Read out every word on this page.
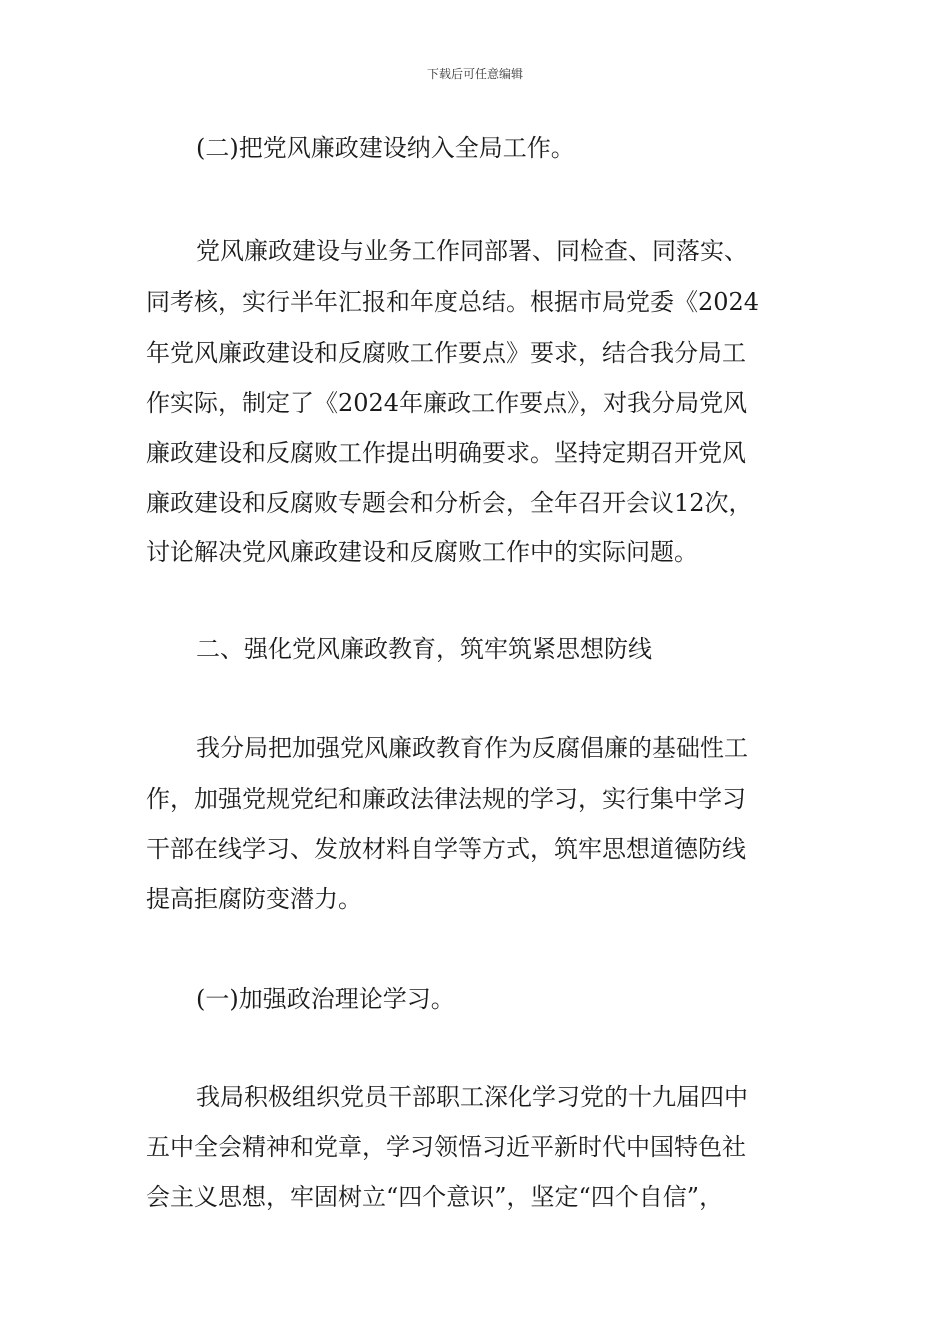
下载后可任意编辑
(二)把党风廉政建设纳入全局工作。
党风廉政建设与业务工作同部署、同检查、同落实、
同考核，实行半年汇报和年度总结。根据市局党委《2024
年党风廉政建设和反腐败工作要点》要求，结合我分局工
作实际，制定了《2024年廉政工作要点》，对我分局党风
廉政建设和反腐败工作提出明确要求。坚持定期召开党风
廉政建设和反腐败专题会和分析会，全年召开会议12次，
讨论解决党风廉政建设和反腐败工作中的实际问题。
二、强化党风廉政教育，筑牢筑紧思想防线
我分局把加强党风廉政教育作为反腐倡廉的基础性工
作，加强党规党纪和廉政法律法规的学习，实行集中学习
干部在线学习、发放材料自学等方式，筑牢思想道德防线
提高拒腐防变潜力。
(一)加强政治理论学习。
我局积极组织党员干部职工深化学习党的十九届四中
五中全会精神和党章，学习领悟习近平新时代中国特色社
会主义思想，牢固树立“四个意识”，坚定“四个自信”，
